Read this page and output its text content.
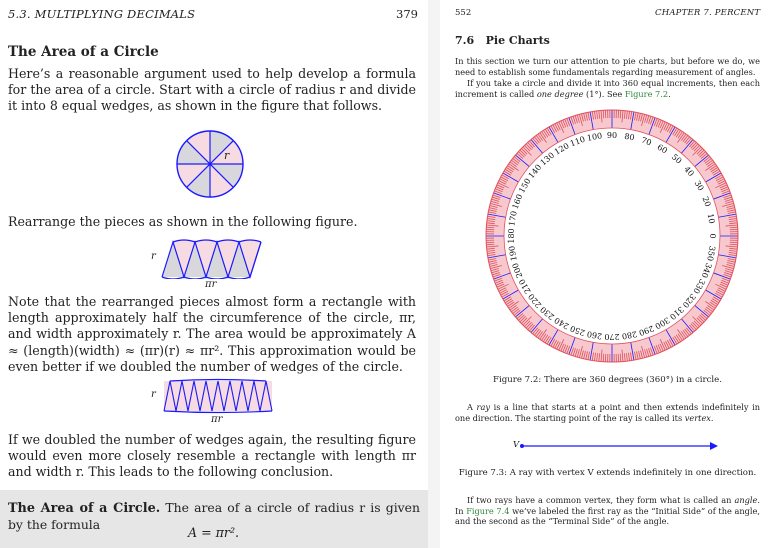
5.3. MULTIPLYING DECIMALS	379
The Area of a Circle
Here’s a reasonable argument used to help develop a formula for the area of a circle. Start with a circle of radius r and divide it into 8 equal wedges, as shown in the figure that follows.
r
Rearrange the pieces as shown in the following figure.
r
πr
Note that the rearranged pieces almost form a rectangle with length approximately half the circumference of the circle, πr, and width approximately r. The area would be approximately A ≈ (length)(width) ≈ (πr)(r) ≈ πr². This approximation would be even better if we doubled the number of wedges of the circle.
r
πr
If we doubled the number of wedges again, the resulting figure would even more closely resemble a rectangle with length πr and width r. This leads to the following conclusion.
The Area of a Circle. The area of a circle of radius r is given by the formula
A = πr².
552	CHAPTER 7. PERCENT
7.6 Pie Charts
In this section we turn our attention to pie charts, but before we do, we need to establish some fundamentals regarding measurement of angles.
If you take a circle and divide it into 360 equal increments, then each increment is called one degree (1°). See Figure 7.2.
0
10
20
30
40
50
60
70
80
90
100
110
120
130
140
150
160
170
180
190
200
210
220
230
240
250 260 270 280 290
300
310
320
330
340
350
Figure 7.2: There are 360 degrees (360°) in a circle.
A ray is a line that starts at a point and then extends indefinitely in one direction. The starting point of the ray is called its vertex.
V
Figure 7.3: A ray with vertex V extends indefinitely in one direction.
If two rays have a common vertex, they form what is called an angle. In Figure 7.4 we’ve labeled the first ray as the “Initial Side” of the angle, and the second as the “Terminal Side” of the angle.
